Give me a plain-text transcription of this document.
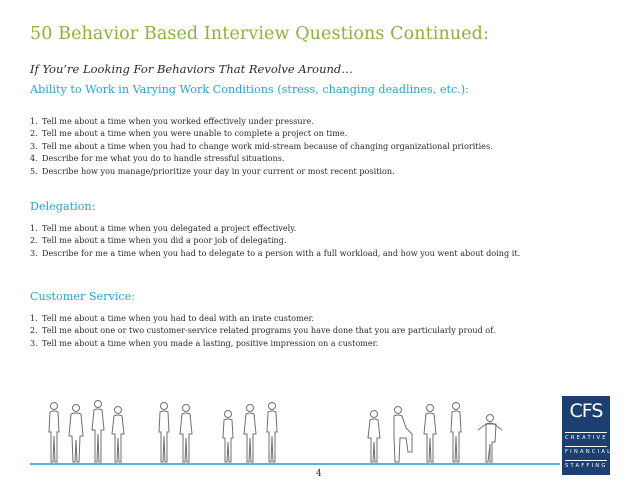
50 Behavior Based Interview Questions Continued:
If You’re Looking For Behaviors That Revolve Around…
Ability to Work in Varying Work Conditions (stress, changing deadlines, etc.):
1. Tell me about a time when you worked effectively under pressure.
2. Tell me about a time when you were unable to complete a project on time.
3. Tell me about a time when you had to change work mid-stream because of changing organizational priorities.
4. Describe for me what you do to handle stressful situations.
5. Describe how you manage/prioritize your day in your current or most recent position.
Delegation:
1. Tell me about a time when you delegated a project effectively.
2. Tell me about a time when you did a poor job of delegating.
3. Describe for me a time when you had to delegate to a person with a full workload, and how you went about doing it.
Customer Service:
1. Tell me about a time when you had to deal with an irate customer.
2. Tell me about one or two customer-service related programs you have done that you are particularly proud of.
3. Tell me about a time when you made a lasting, positive impression on a customer.
4
CFS
CREATIVE
FINANCIAL
STAFFING
